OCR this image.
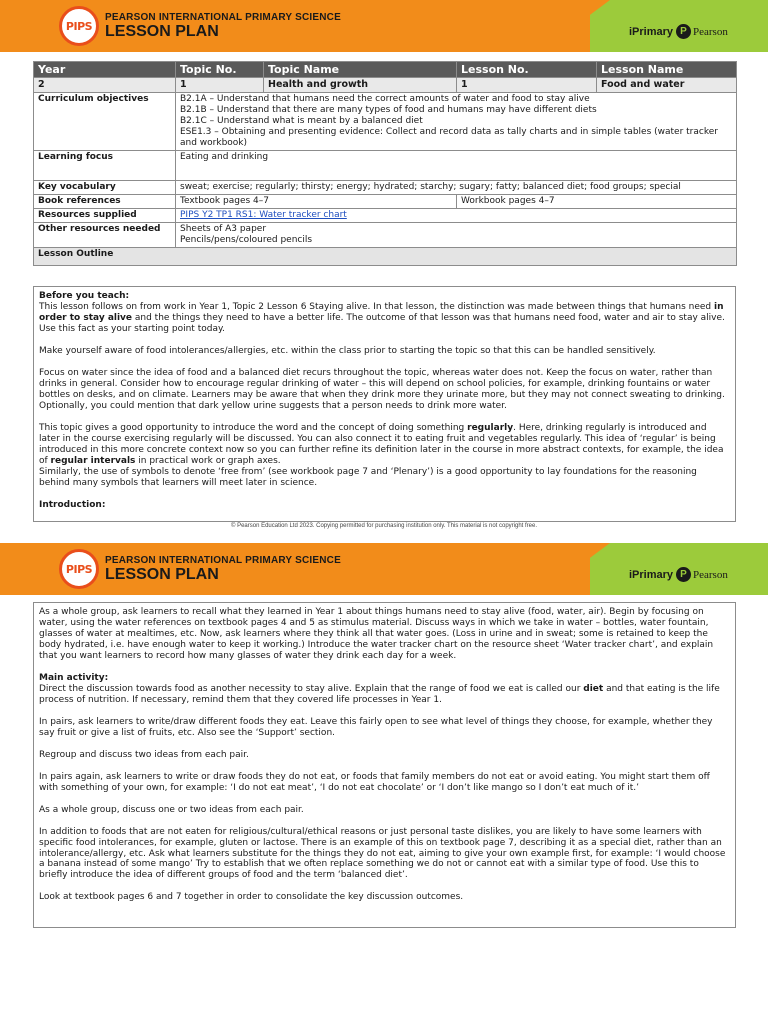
PIPS
PEARSON INTERNATIONAL PRIMARY SCIENCE
LESSON PLAN	iPrimary P Pearson
Year	Topic No.	Topic Name	Lesson No.	Lesson Name
2	1	Health and growth	1	Food and water
Curriculum objectives	B2.1A – Understand that humans need the correct amounts of water and food to stay alive
B2.1B – Understand that there are many types of food and humans may have different diets
B2.1C – Understand what is meant by a balanced diet
ESE1.3 – Obtaining and presenting evidence: Collect and record data as tally charts and in simple tables (water tracker and workbook)			

Learning focus	Eating and drinking			
Key vocabulary	sweat; exercise; regularly; thirsty; energy; hydrated; starchy; sugary; fatty; balanced diet; food groups; special			
Book references	Textbook pages 4–7		Workbook pages 4–7	
Resources supplied	PIPS Y2 TP1 RS1: Water tracker chart			
Other resources needed	Sheets of A3 paper
Pencils/pens/coloured pencils			

Lesson Outline				

Before you teach:

This lesson follows on from work in Year 1, Topic 2 Lesson 6 Staying alive. In that lesson, the distinction was made between things that humans need in order to stay alive and the things they need to have a better life. The outcome of that lesson was that humans need food, water and air to stay alive. Use this fact as your starting point today.

Make yourself aware of food intolerances/allergies, etc. within the class prior to starting the topic so that this can be handled sensitively.

Focus on water since the idea of food and a balanced diet recurs throughout the topic, whereas water does not. Keep the focus on water, rather than drinks in general. Consider how to encourage regular drinking of water – this will depend on school policies, for example, drinking fountains or water bottles on desks, and on climate. Learners may be aware that when they drink more they urinate more, but they may not connect sweating to drinking. Optionally, you could mention that dark yellow urine suggests that a person needs to drink more water.

This topic gives a good opportunity to introduce the word and the concept of doing something regularly. Here, drinking regularly is introduced and later in the course exercising regularly will be discussed. You can also connect it to eating fruit and vegetables regularly. This idea of ‘regular’ is being introduced in this more concrete context now so you can further refine its definition later in the course in more abstract contexts, for example, the idea of regular intervals in practical work or graph axes.

Similarly, the use of symbols to denote ‘free from’ (see workbook page 7 and ‘Plenary’) is a good opportunity to lay foundations for the reasoning behind many symbols that learners will meet later in science.

Introduction:

© Pearson Education Ltd 2023. Copying permitted for purchasing institution only. This material is not copyright free.
PIPS
PEARSON INTERNATIONAL PRIMARY SCIENCE
LESSON PLAN	iPrimary P Pearson

As a whole group, ask learners to recall what they learned in Year 1 about things humans need to stay alive (food, water, air). Begin by focusing on water, using the water references on textbook pages 4 and 5 as stimulus material. Discuss ways in which we take in water – bottles, water fountain, glasses of water at mealtimes, etc. Now, ask learners where they think all that water goes. (Loss in urine and in sweat; some is retained to keep the body hydrated, i.e. have enough water to keep it working.) Introduce the water tracker chart on the resource sheet ‘Water tracker chart’, and explain that you want learners to record how many glasses of water they drink each day for a week.

Main activity:

Direct the discussion towards food as another necessity to stay alive. Explain that the range of food we eat is called our diet and that eating is the life process of nutrition. If necessary, remind them that they covered life processes in Year 1.

In pairs, ask learners to write/draw different foods they eat. Leave this fairly open to see what level of things they choose, for example, whether they say fruit or give a list of fruits, etc. Also see the ‘Support’ section.

Regroup and discuss two ideas from each pair.

In pairs again, ask learners to write or draw foods they do not eat, or foods that family members do not eat or avoid eating. You might start them off with something of your own, for example: ‘I do not eat meat’, ‘I do not eat chocolate’ or ‘I don’t like mango so I don’t eat much of it.’

As a whole group, discuss one or two ideas from each pair.

In addition to foods that are not eaten for religious/cultural/ethical reasons or just personal taste dislikes, you are likely to have some learners with specific food intolerances, for example, gluten or lactose. There is an example of this on textbook page 7, describing it as a special diet, rather than an intolerance/allergy, etc. Ask what learners substitute for the things they do not eat, aiming to give your own example first, for example: ‘I would choose a banana instead of some mango’ Try to establish that we often replace something we do not or cannot eat with a similar type of food. Use this to briefly introduce the idea of different groups of food and the term ‘balanced diet’.

Look at textbook pages 6 and 7 together in order to consolidate the key discussion outcomes.
